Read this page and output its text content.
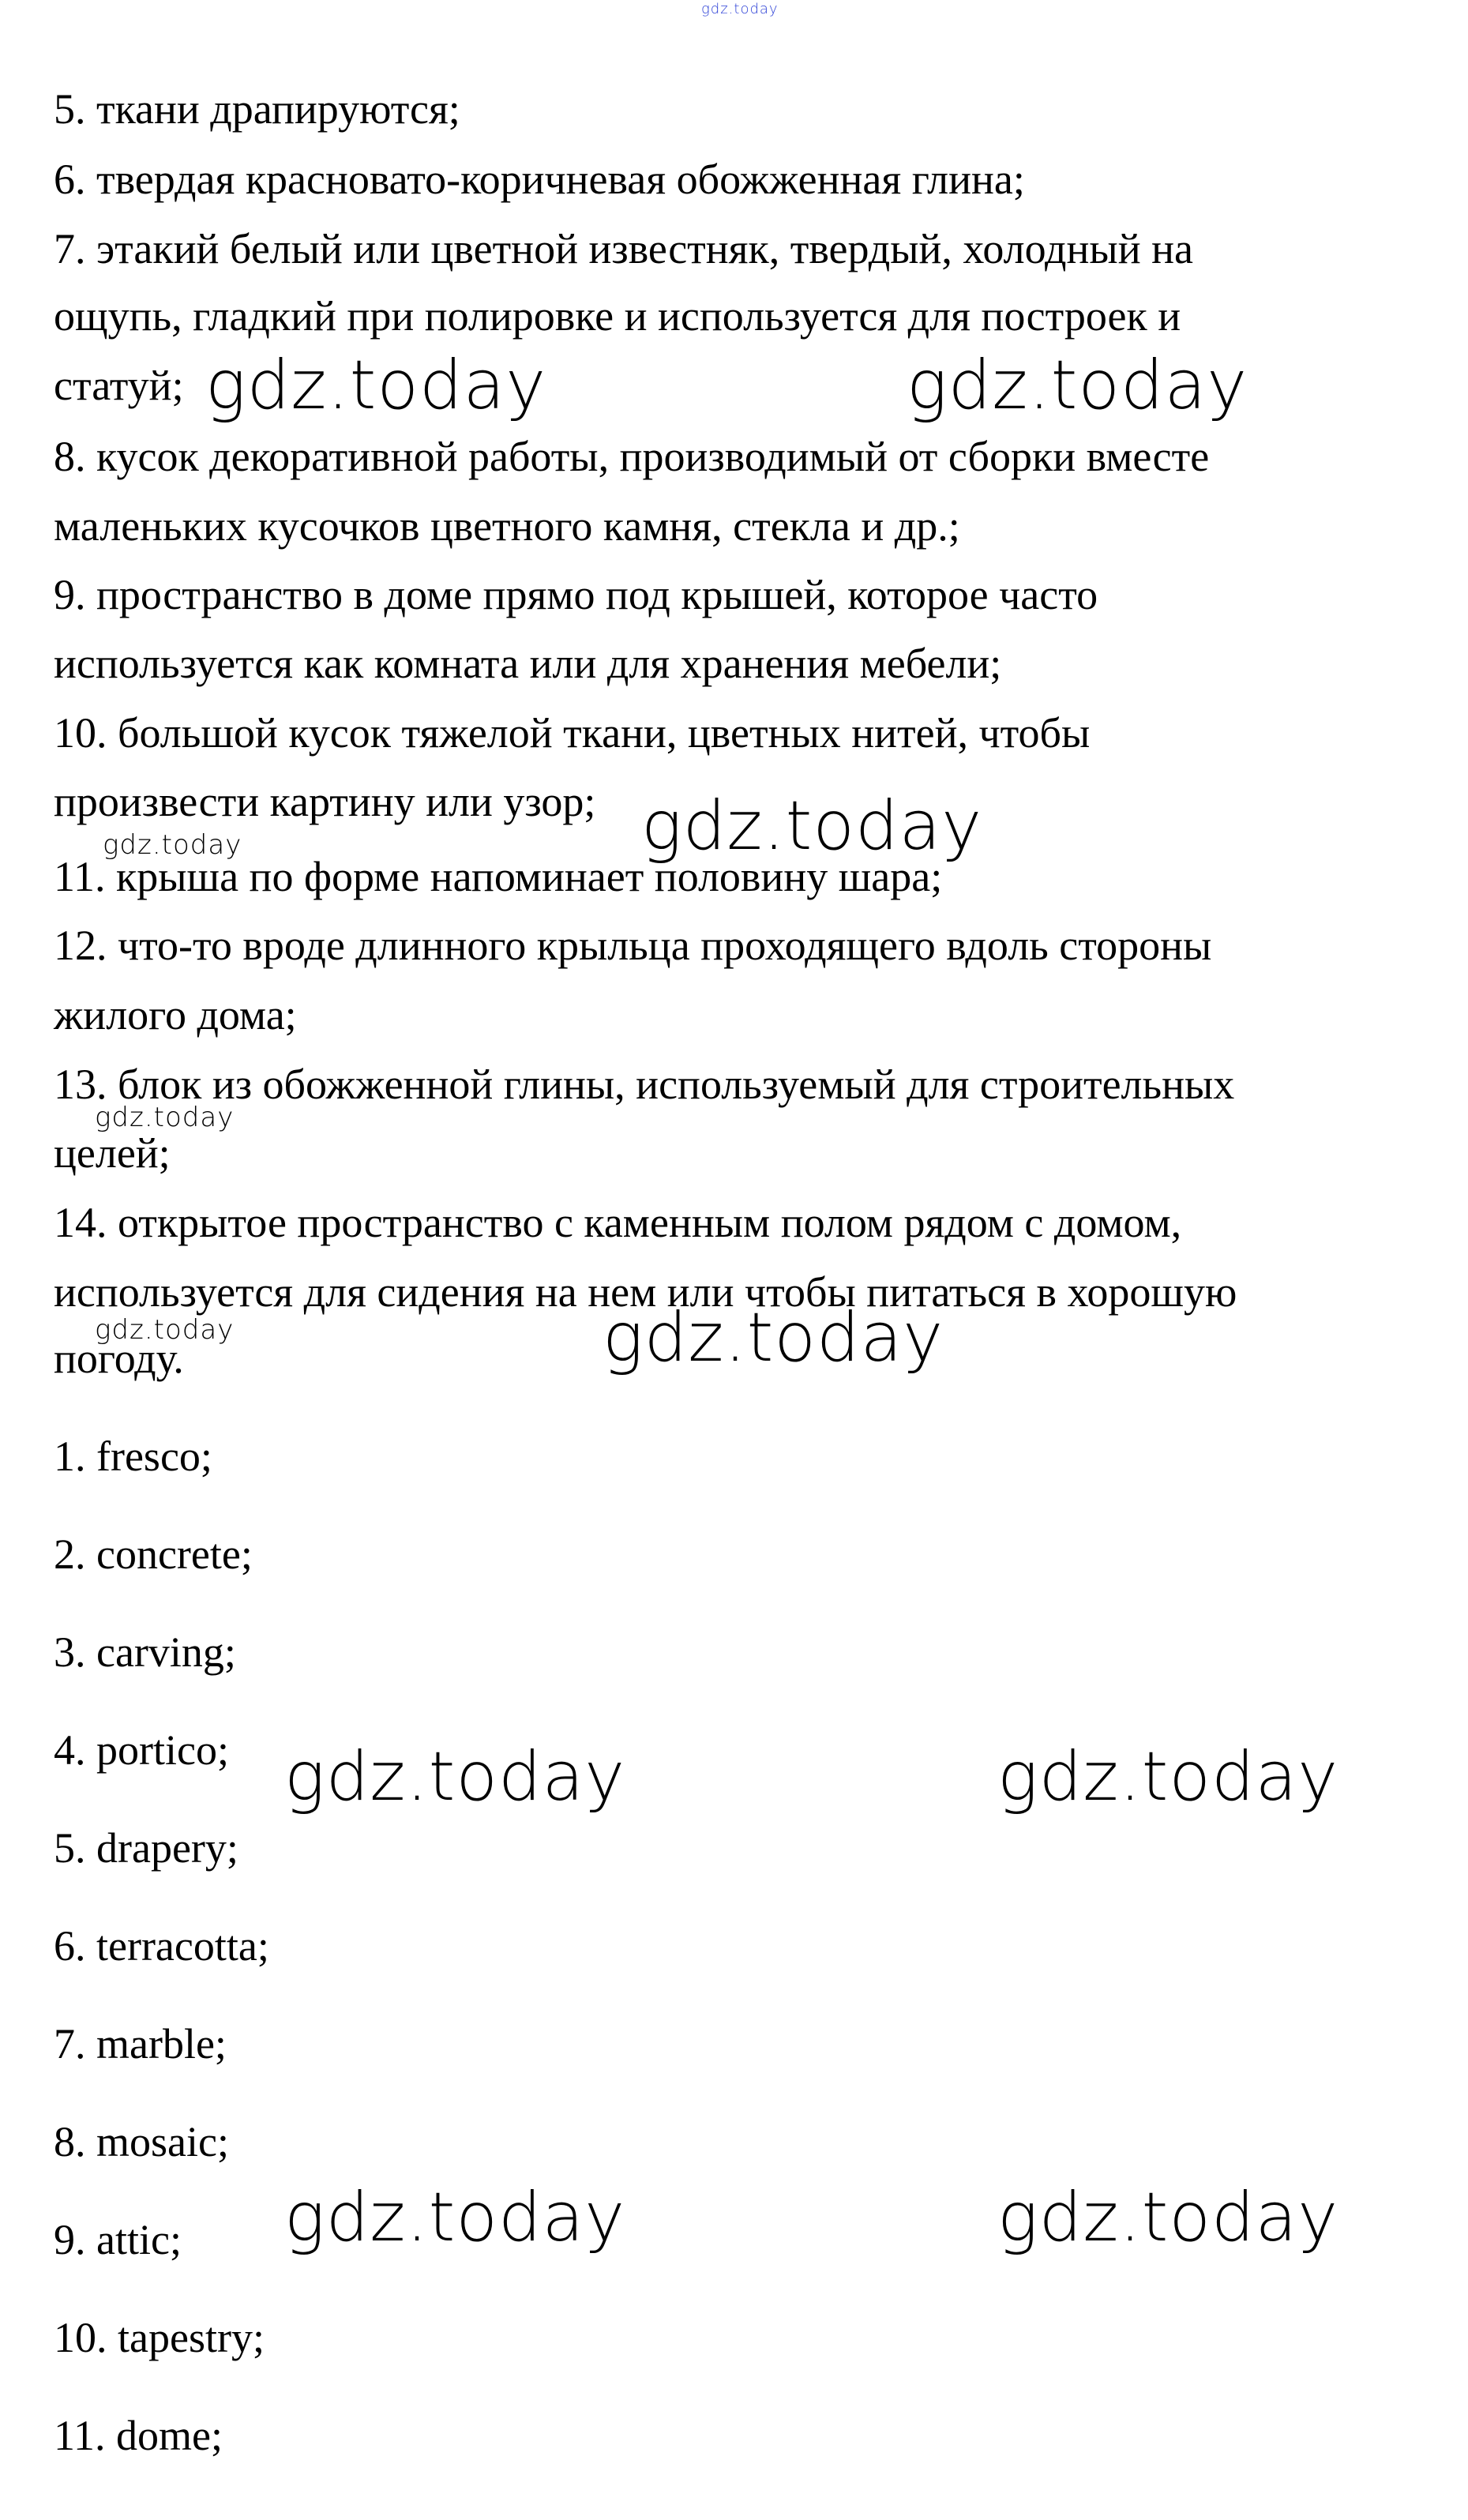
gdz.today
5. ткани драпируются;
6. твердая красновато-коричневая обожженная глина;
7. этакий белый или цветной известняк, твердый, холодный на
ощупь, гладкий при полировке и используется для построек и
статуй; gdz.today	gdz.today
8. кусок декоративной работы, производимый от сборки вместе
маленьких кусочков цветного камня, стекла и др.;
9. пространство в доме прямо под крышей, которое часто
используется как комната или для хранения мебели;
10. большой кусок тяжелой ткани, цветных нитей, чтобы
произвести картину или узор; gdz.today
gdz.today
11. крыша по форме напоминает половину шара;
12. что-то вроде длинного крыльца проходящего вдоль стороны
жилого дома;
13. блок из обожженной глины, используемый для строительных
gdz.today
целей;
14. открытое пространство с каменным полом рядом с домом,
используется для сидения на нем или чтобы питаться в хорошую
gdz.today	gdz.today
погоду.
1. fresco;
2. concrete;
3. carving;
4. portico; gdz.today	gdz.today
5. drapery;
6. terracotta;
7. marble;
8. mosaic;
9. attic; gdz.today	gdz.today
10. tapestry;
11. dome;
